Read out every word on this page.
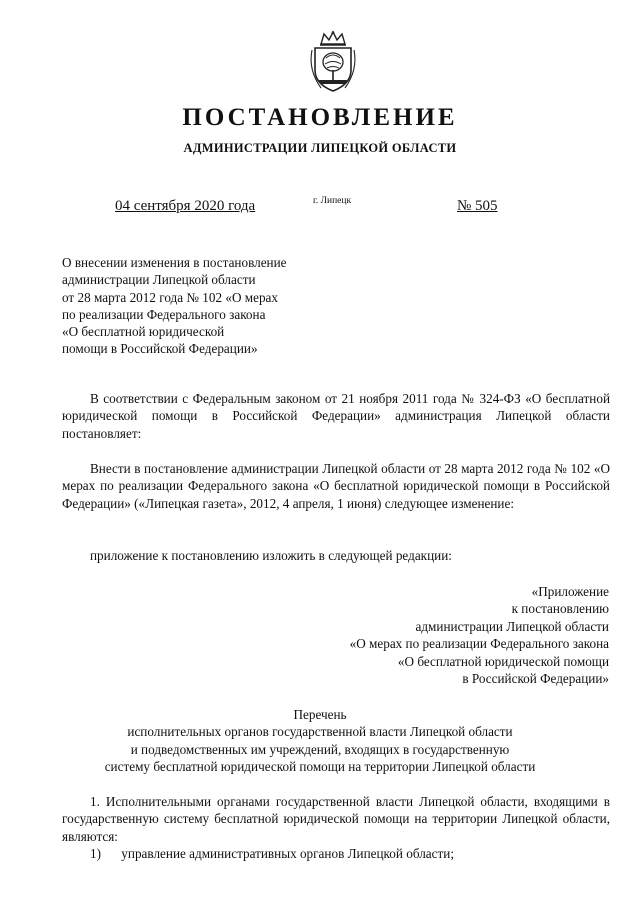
ПОСТАНОВЛЕНИЕ
АДМИНИСТРАЦИИ ЛИПЕЦКОЙ ОБЛАСТИ
04 сентября 2020 года	г. Липецк	№ 505
О внесении изменения в постановление
администрации Липецкой области
от 28 марта 2012 года № 102 «О мерах
по реализации Федерального закона
«О бесплатной юридической
помощи в Российской Федерации»
В соответствии с Федеральным законом от 21 ноября 2011 года № 324-ФЗ «О бесплатной юридической помощи в Российской Федерации» администрация Липецкой области постановляет:
Внести в постановление администрации Липецкой области от 28 марта 2012 года № 102 «О мерах по реализации Федерального закона «О бесплатной юридической помощи в Российской Федерации» («Липецкая газета», 2012, 4 апреля, 1 июня) следующее изменение:
приложение к постановлению изложить в следующей редакции:
«Приложение
к постановлению
администрации Липецкой области
«О мерах по реализации Федерального закона
«О бесплатной юридической помощи
в Российской Федерации»
Перечень
исполнительных органов государственной власти Липецкой области
и подведомственных им учреждений, входящих в государственную
систему бесплатной юридической помощи на территории Липецкой области
1. Исполнительными органами государственной власти Липецкой области, входящими в государственную систему бесплатной юридической помощи на территории Липецкой области, являются:
1) управление административных органов Липецкой области;
